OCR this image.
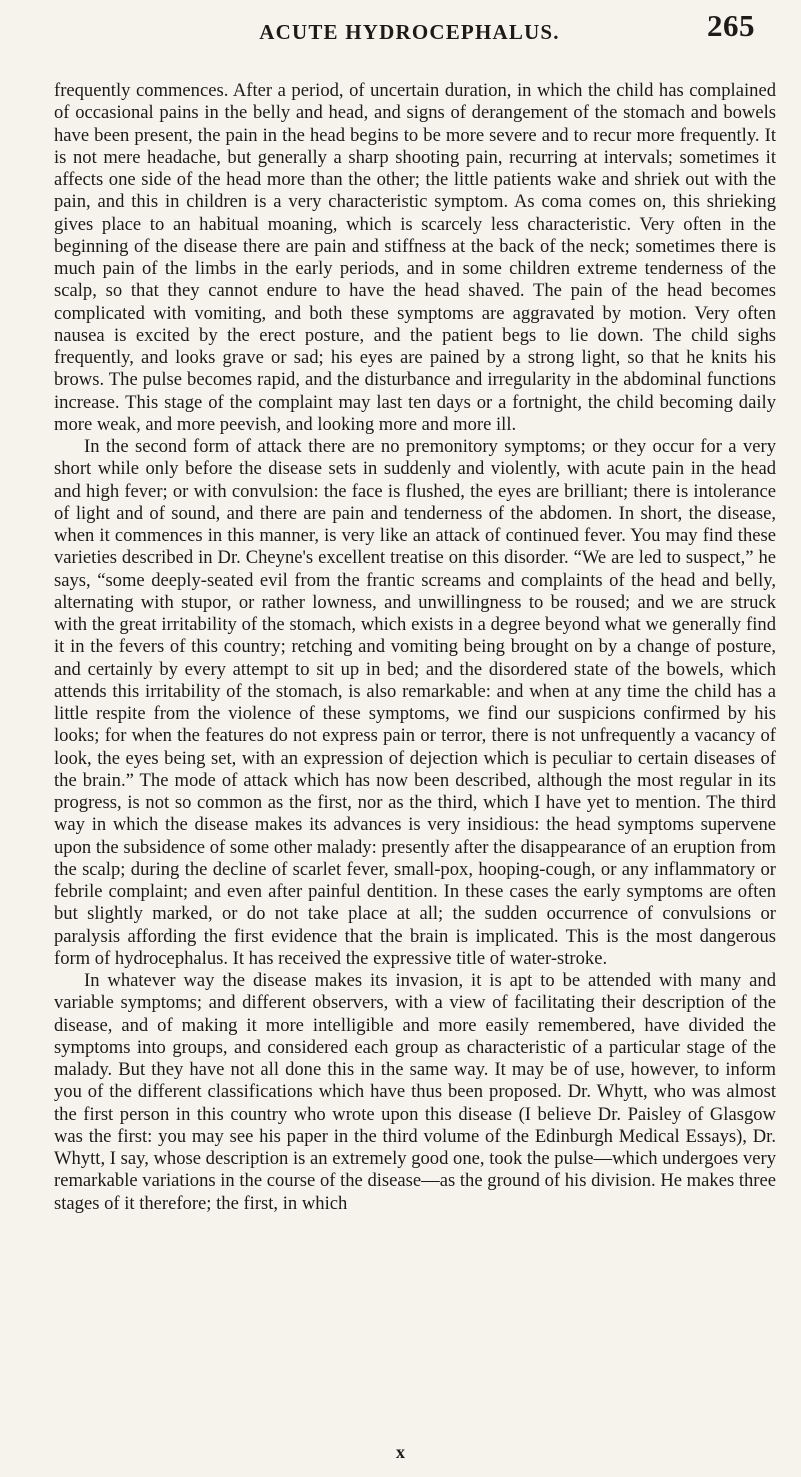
ACUTE HYDROCEPHALUS.	265

frequently commences. After a period, of uncertain duration, in which the child has complained of occasional pains in the belly and head, and signs of derangement of the stomach and bowels have been present, the pain in the head begins to be more severe and to recur more frequently. It is not mere headache, but generally a sharp shooting pain, recurring at intervals; sometimes it affects one side of the head more than the other; the little patients wake and shriek out with the pain, and this in children is a very characteristic symptom. As coma comes on, this shrieking gives place to an habitual moaning, which is scarcely less characteristic. Very often in the beginning of the disease there are pain and stiffness at the back of the neck; sometimes there is much pain of the limbs in the early periods, and in some children extreme tenderness of the scalp, so that they cannot endure to have the head shaved. The pain of the head becomes complicated with vomiting, and both these symptoms are aggravated by motion. Very often nausea is excited by the erect posture, and the patient begs to lie down. The child sighs frequently, and looks grave or sad; his eyes are pained by a strong light, so that he knits his brows. The pulse becomes rapid, and the disturbance and irregularity in the abdominal functions increase. This stage of the complaint may last ten days or a fortnight, the child becoming daily more weak, and more peevish, and looking more and more ill.

In the second form of attack there are no premonitory symptoms; or they occur for a very short while only before the disease sets in suddenly and violently, with acute pain in the head and high fever; or with convulsion: the face is flushed, the eyes are brilliant; there is intolerance of light and of sound, and there are pain and tenderness of the abdomen. In short, the disease, when it commences in this manner, is very like an attack of continued fever. You may find these varieties described in Dr. Cheyne's excellent treatise on this disorder. “We are led to suspect,” he says, “some deeply-seated evil from the frantic screams and complaints of the head and belly, alternating with stupor, or rather lowness, and unwillingness to be roused; and we are struck with the great irritability of the stomach, which exists in a degree beyond what we generally find it in the fevers of this country; retching and vomiting being brought on by a change of posture, and certainly by every attempt to sit up in bed; and the disordered state of the bowels, which attends this irritability of the stomach, is also remarkable: and when at any time the child has a little respite from the violence of these symptoms, we find our suspicions confirmed by his looks; for when the features do not express pain or terror, there is not unfrequently a vacancy of look, the eyes being set, with an expression of dejection which is peculiar to certain diseases of the brain.” The mode of attack which has now been described, although the most regular in its progress, is not so common as the first, nor as the third, which I have yet to mention. The third way in which the disease makes its advances is very insidious: the head symptoms supervene upon the subsidence of some other malady: presently after the disappearance of an eruption from the scalp; during the decline of scarlet fever, small-pox, hooping-cough, or any inflammatory or febrile complaint; and even after painful dentition. In these cases the early symptoms are often but slightly marked, or do not take place at all; the sudden occurrence of convulsions or paralysis affording the first evidence that the brain is implicated. This is the most dangerous form of hydrocephalus. It has received the expressive title of water-stroke.

In whatever way the disease makes its invasion, it is apt to be attended with many and variable symptoms; and different observers, with a view of facilitating their description of the disease, and of making it more intelligible and more easily remembered, have divided the symptoms into groups, and considered each group as characteristic of a particular stage of the malady. But they have not all done this in the same way. It may be of use, however, to inform you of the different classifications which have thus been proposed. Dr. Whytt, who was almost the first person in this country who wrote upon this disease (I believe Dr. Paisley of Glasgow was the first: you may see his paper in the third volume of the Edinburgh Medical Essays), Dr. Whytt, I say, whose description is an extremely good one, took the pulse—which undergoes very remarkable variations in the course of the disease—as the ground of his division. He makes three stages of it therefore; the first, in which

x
